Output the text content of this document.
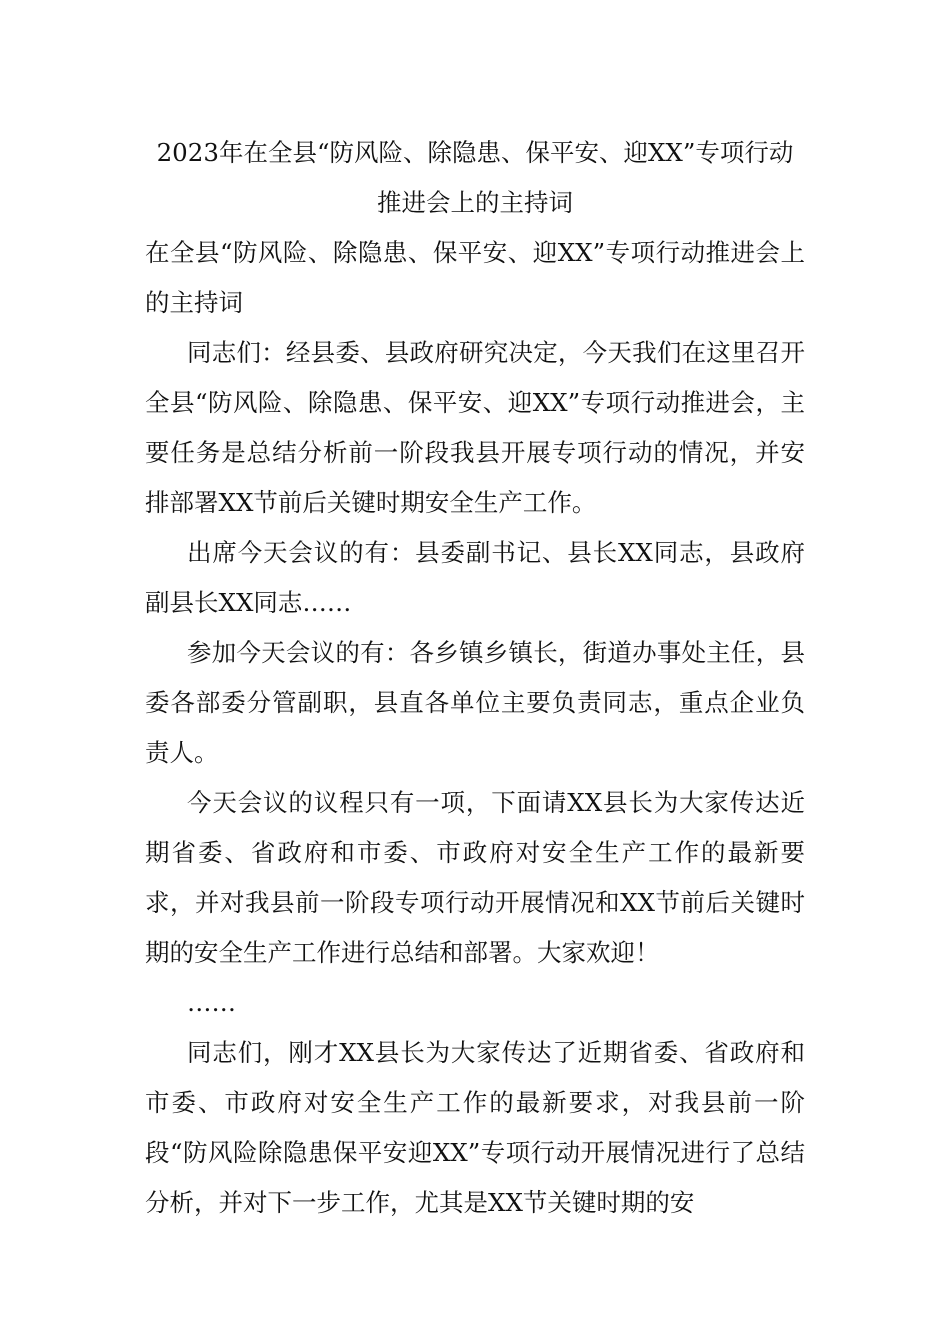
2023年在全县“防风险、除隐患、保平安、迎XX”专项行动推进会上的主持词

在全县“防风险、除隐患、保平安、迎XX”专项行动推进会上的主持词

同志们：经县委、县政府研究决定，今天我们在这里召开全县“防风险、除隐患、保平安、迎XX”专项行动推进会，主要任务是总结分析前一阶段我县开展专项行动的情况，并安排部署XX节前后关键时期安全生产工作。

出席今天会议的有：县委副书记、县长XX同志，县政府副县长XX同志……

参加今天会议的有：各乡镇乡镇长，街道办事处主任，县委各部委分管副职，县直各单位主要负责同志，重点企业负责人。

今天会议的议程只有一项，下面请XX县长为大家传达近期省委、省政府和市委、市政府对安全生产工作的最新要求，并对我县前一阶段专项行动开展情况和XX节前后关键时期的安全生产工作进行总结和部署。大家欢迎！

……

同志们，刚才XX县长为大家传达了近期省委、省政府和市委、市政府对安全生产工作的最新要求，对我县前一阶段“防风险除隐患保平安迎XX”专项行动开展情况进行了总结分析，并对下一步工作，尤其是XX节关键时期的安
